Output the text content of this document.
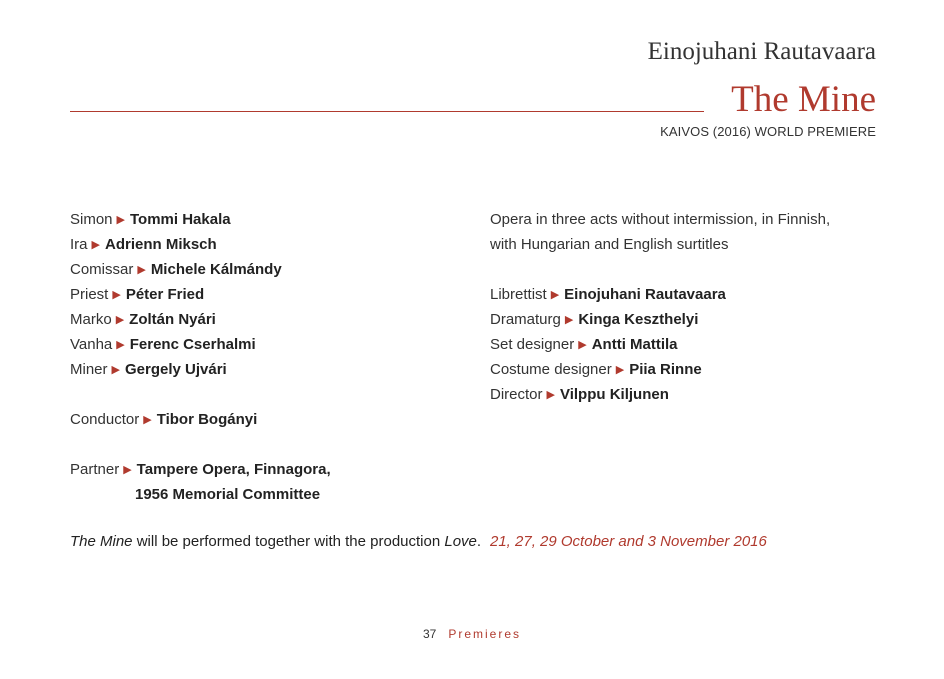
Einojuhani Rautavaara
The Mine
KAIVOS (2016) WORLD PREMIERE
Simon ▶ Tommi Hakala
Ira ▶ Adrienn Miksch
Comissar ▶ Michele Kálmándy
Priest ▶ Péter Fried
Marko ▶ Zoltán Nyári
Vanha ▶ Ferenc Cserhalmi
Miner ▶ Gergely Ujvári
Conductor ▶ Tibor Bogányi
Partner ▶ Tampere Opera, Finnagora,
1956 Memorial Committee
Opera in three acts without intermission, in Finnish,
with Hungarian and English surtitles
Librettist ▶ Einojuhani Rautavaara
Dramaturg ▶ Kinga Keszthelyi
Set designer ▶ Antti Mattila
Costume designer ▶ Piia Rinne
Director ▶ Vilppu Kiljunen
The Mine will be performed together with the production Love. 21, 27, 29 October and 3 November 2016
37 Premieres
